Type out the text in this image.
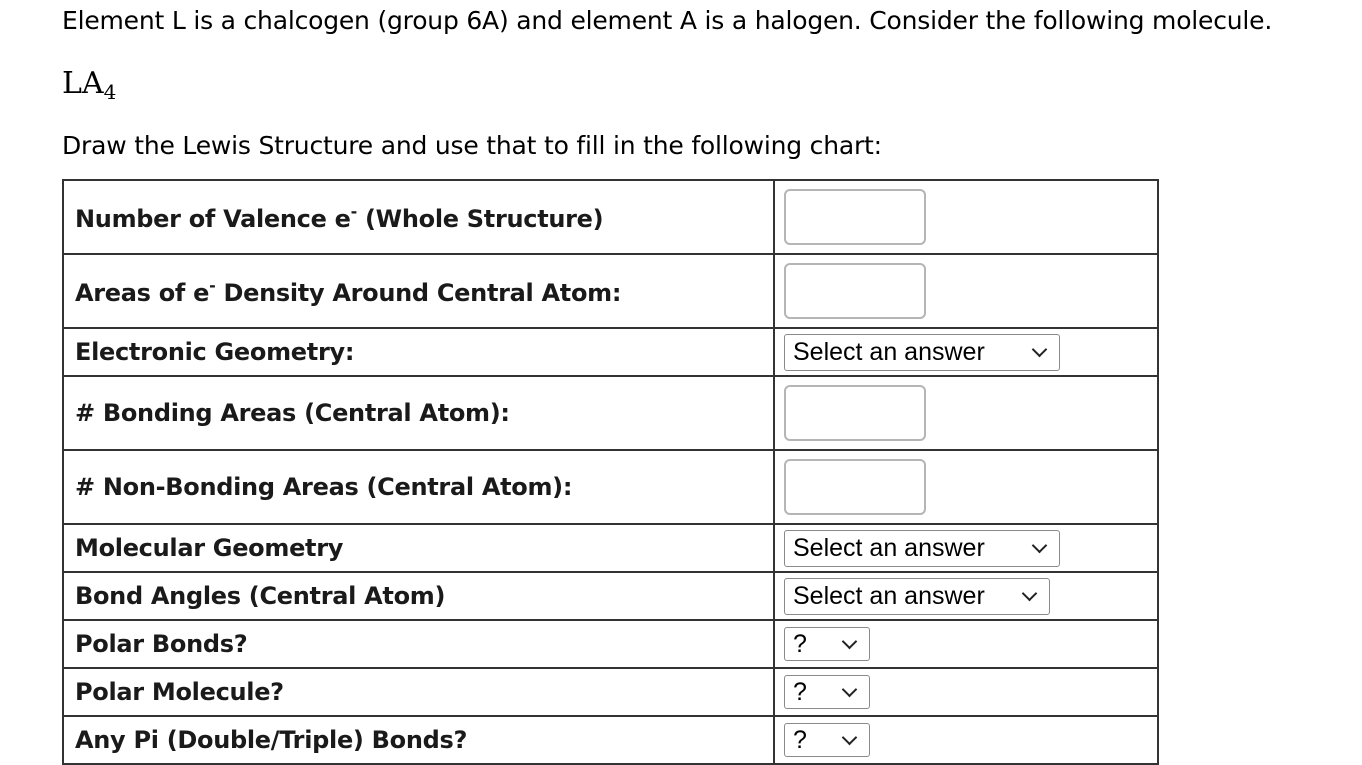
Element L is a chalcogen (group 6A) and element A is a halogen. Consider the following molecule.
$LA_4$
Draw the Lewis Structure and use that to fill in the following chart:
Number of Valence e- (Whole Structure)	

Areas of e- Density Around Central Atom:	

Electronic Geometry:	Select an answer

# Bonding Areas (Central Atom):	

# Non-Bonding Areas (Central Atom):	

Molecular Geometry	Select an answer

Bond Angles (Central Atom)	Select an answer

Polar Bonds?	?

Polar Molecule?	?

Any Pi (Double/Triple) Bonds?	?
